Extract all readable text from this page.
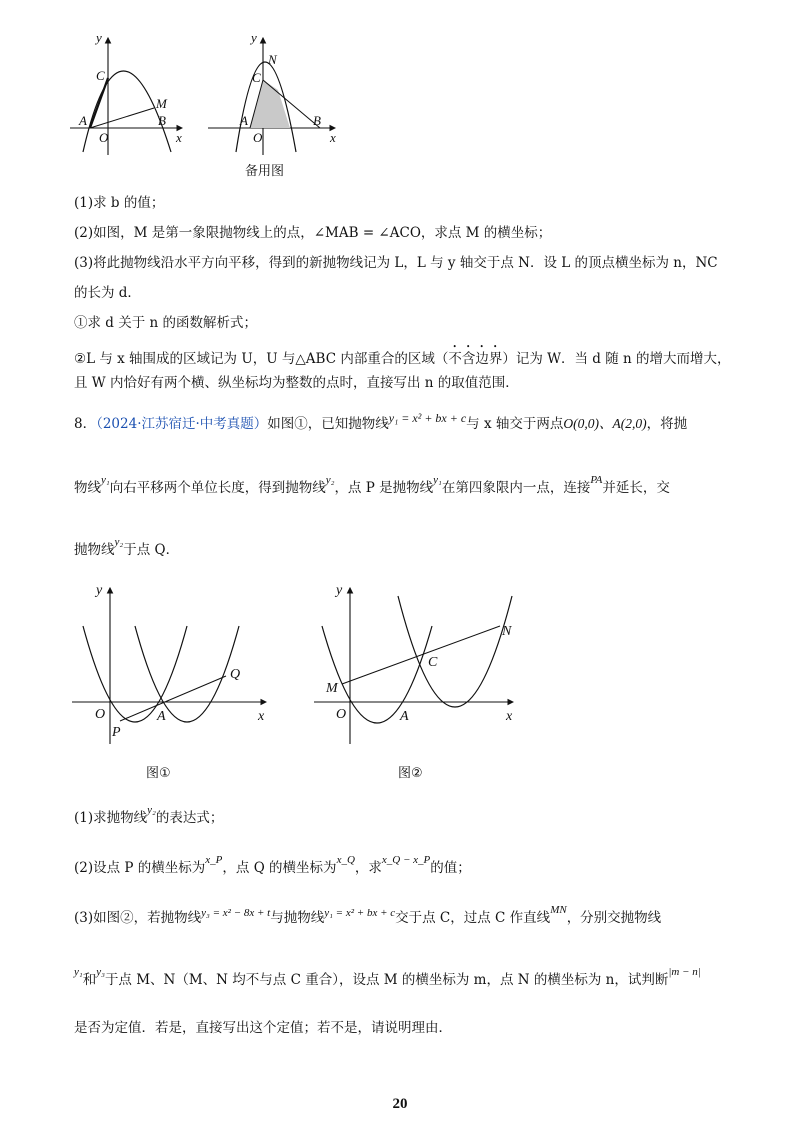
y
x
C
M
A
O
B
y
x
N
C
A
O
B
备用图
(1)求 b 的值；
(2)如图，M 是第一象限抛物线上的点，∠MAB = ∠ACO，求点 M 的横坐标；
(3)将此抛物线沿水平方向平移，得到的新抛物线记为 L，L 与 y 轴交于点 N．设 L 的顶点横坐标为 n，NC
的长为 d．
①求 d 关于 n 的函数解析式；
②L 与 x 轴围成的区域记为 U，U 与△ABC 内部重合的区域（不含边界）记为 W．当 d 随 n 的增大而增大，
且 W 内恰好有两个横、纵坐标均为整数的点时，直接写出 n 的取值范围．
8．（2024·江苏宿迁·中考真题）如图①，已知抛物线y₁ = x² + bx + c与 x 轴交于两点O(0,0)、A(2,0)，将抛
物线$^{y_1}$向右平移两个单位长度，得到抛物线$^{y_2}$，点 P 是抛物线$^{y_1}$在第四象限内一点，连接$^{PA}$并延长，交
抛物线$^{y_2}$于点 Q．
y
x
Q
O	A
P
图①
y
x
N
C
M
O	A
图②
(1)求抛物线$^{y_2}$的表达式；
(2)设点 P 的横坐标为$^{x\_P}$，点 Q 的横坐标为$^{x\_Q}$，求$^{x\_Q - x\_P}$的值；
(3)如图②，若抛物线$^{y_3 = x^2 - 8x + t}$与抛物线$^{y_1 = x^2 + bx + c}$交于点 C，过点 C 作直线$^{MN}$，分别交抛物线
$^{y_1}$和$^{y_3}$于点 M、N（M、N 均不与点 C 重合），设点 M 的横坐标为 m，点 N 的横坐标为 n，试判断$^{|m - n|}$
是否为定值．若是，直接写出这个定值；若不是，请说明理由．
20
